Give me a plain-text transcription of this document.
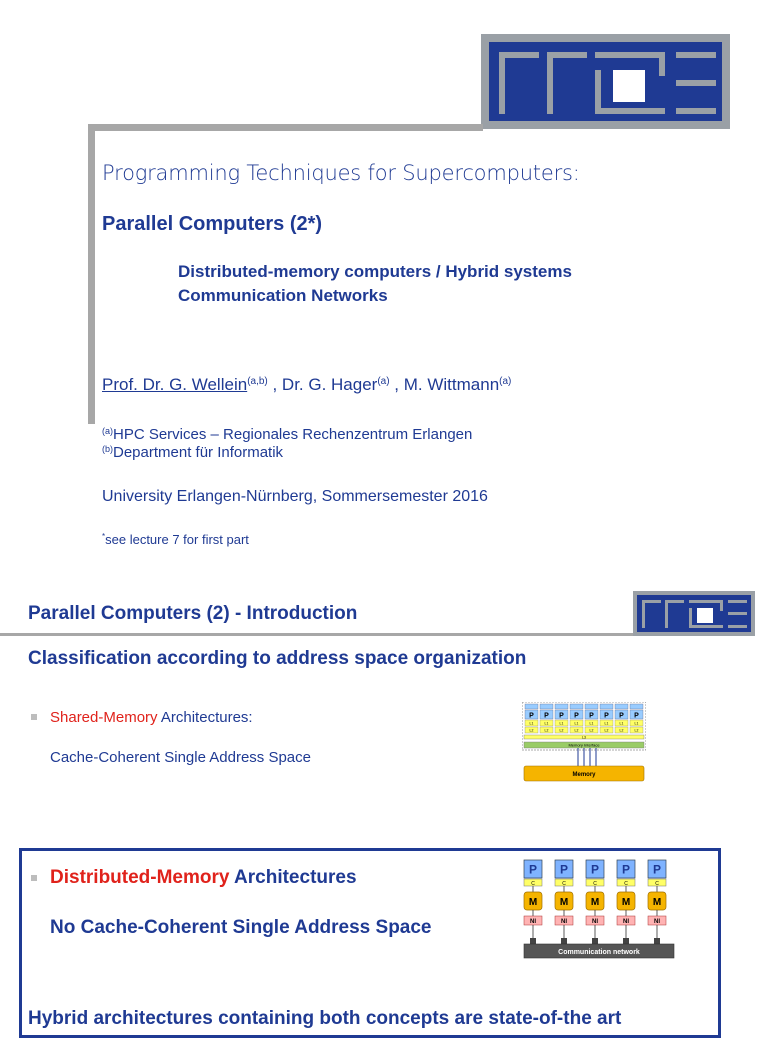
Programming Techniques for Supercomputers:
Parallel Computers (2*)
Distributed-memory computers / Hybrid systems
Communication Networks
Prof. Dr. G. Wellein$^{(a,b)}$ , Dr. G. Hager$^{(a)}$ , M. Wittmann$^{(a)}$
$^{(a)}$HPC Services – Regionales Rechenzentrum Erlangen
$^{(b)}$Department für Informatik
University Erlangen-Nürnberg, Sommersemester 2016
*see lecture 7 for first part
Parallel Computers (2) - Introduction
Classification according to address space organization
Shared-Memory Architectures:
Cache-Coherent Single Address Space
P
L1
L2
P
L1
L2
P
L1
L2
P
L1
L2
P
L1
L2
P
L1
L2
P
L1
L2
P
L1
L2
L3
Memory Interface
Memory
Distributed-Memory Architectures
No Cache-Coherent Single Address Space
P
C
M
NI
P
C
M
NI
P
C
M
NI
P
C
M
NI
P
C
M
NI
Communication network
Hybrid architectures containing both concepts are state-of-the art
